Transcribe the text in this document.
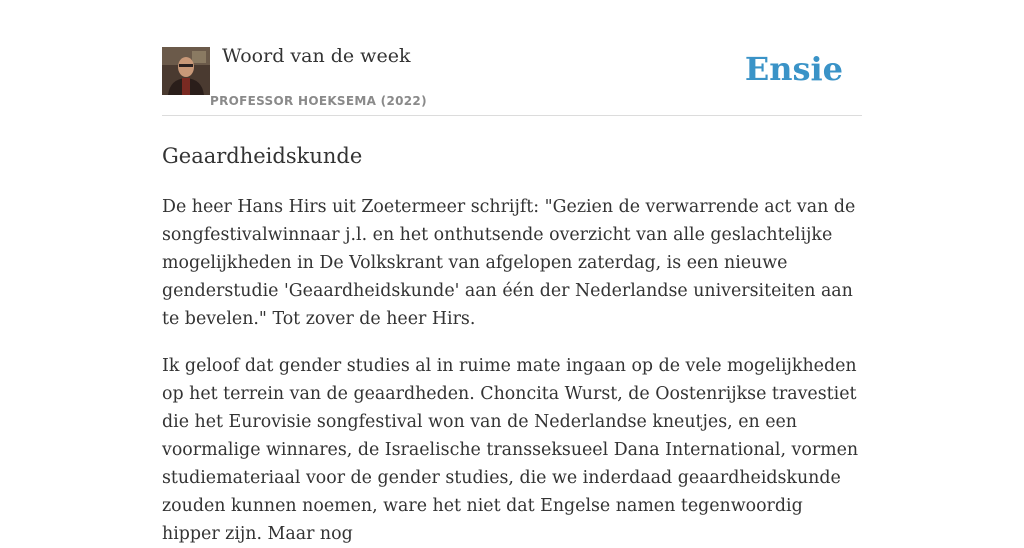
Woord van de week
PROFESSOR HOEKSEMA (2022)
Ensie
Geaardheidskunde

De heer Hans Hirs uit Zoetermeer schrijft: "Gezien de verwarrende act van de songfestivalwinnaar j.l. en het onthutsende overzicht van alle geslachtelijke mogelijkheden in De Volkskrant van afgelopen zaterdag, is een nieuwe genderstudie 'Geaardheidskunde' aan één der Nederlandse universiteiten aan te bevelen." Tot zover de heer Hirs.

Ik geloof dat gender studies al in ruime mate ingaan op de vele mogelijkheden op het terrein van de geaardheden. Choncita Wurst, de Oostenrijkse travestiet die het Eurovisie songfestival won van de Nederlandse kneutjes, en een voormalige winnares, de Israelische transseksueel Dana International, vormen studiemateriaal voor de gender studies, die we inderdaad geaardheidskunde zouden kunnen noemen, ware het niet dat Engelse namen tegenwoordig hipper zijn. Maar nog
